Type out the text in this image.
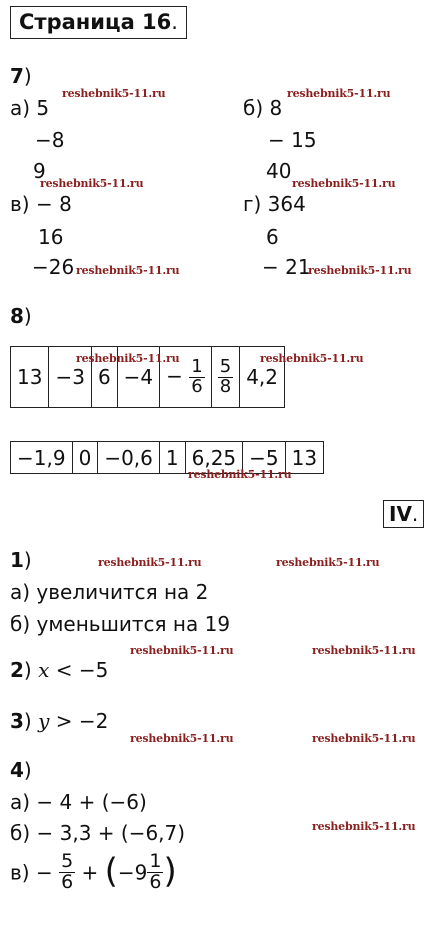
Страница 16.
7)
а) 5
reshebnik5-11.ru
−8
9
reshebnik5-11.ru
б) 8
reshebnik5-11.ru
− 15
40
reshebnik5-11.ru
в) − 8
16
−26 reshebnik5-11.ru
г) 364
6
− 21
reshebnik5-11.ru
8)
13	−3	6	−4	− $\frac{1}{6}$	$\frac{5}{8}$	4,2
reshebnik5-11.ru	reshebnik5-11.ru
−1,9	0	−0,6	1	6,25	−5	13
reshebnik5-11.ru
IV.
1)	reshebnik5-11.ru	reshebnik5-11.ru
а) увеличится на 2
б) уменьшится на 19
reshebnik5-11.ru	reshebnik5-11.ru
2) x < −5
3) y > −2
reshebnik5-11.ru	reshebnik5-11.ru
4)
а) − 4 + (−6)
б) − 3,3 + (−6,7)	reshebnik5-11.ru
$в) - \frac{5}{6} + (-9 \frac{1}{6}$ )
